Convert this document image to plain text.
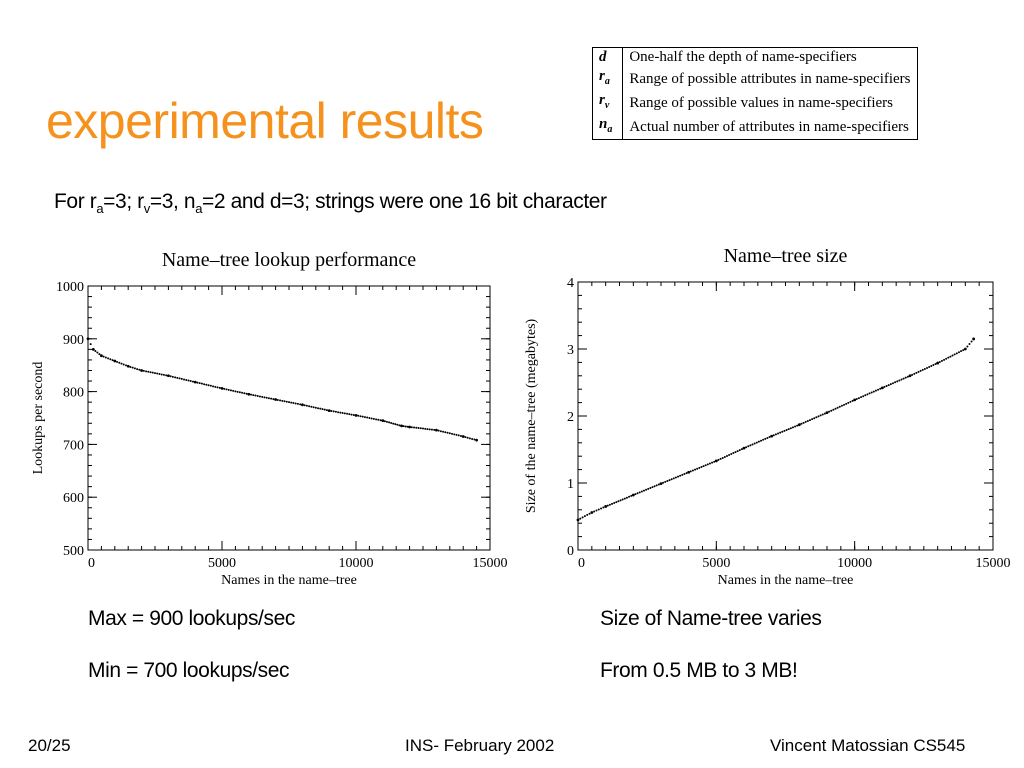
experimental results
d	One-half the depth of name-specifiers
$r_a$	Range of possible attributes in name-specifiers
$r_v$	Range of possible values in name-specifiers
$n_a$	Actual number of attributes in name-specifiers
For $r_a=3$; $r_v=3$, $n_a=2$ and d=3; strings were one 16 bit character
Name–tree lookup performance
0	5000	10000	15000
500
600
700
800
900
1000
Names in the name–tree
Lookups per second
Name–tree size
0	5000	10000	15000
0
1
2
3
4
Names in the name–tree
Size of the name–tree (megabytes)
Max = 900 lookups/sec
Min = 700 lookups/sec
Size of Name-tree varies
From 0.5 MB to 3 MB!
20/25	INS- February 2002	Vincent Matossian CS545
